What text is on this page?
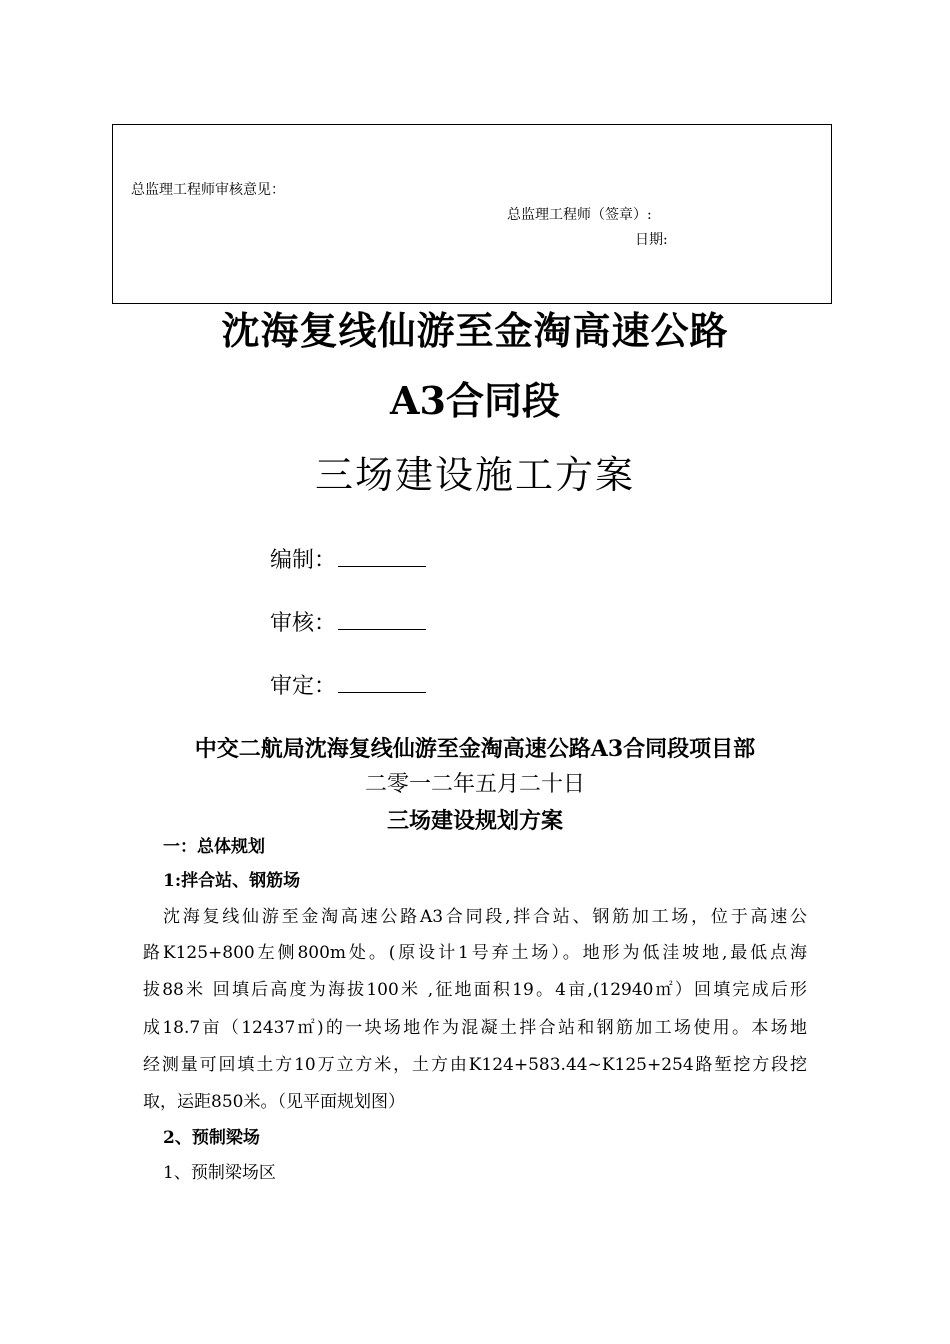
总监理工程师审核意见：
总监理工程师（签章）:
日期:
沈海复线仙游至金淘高速公路
A3合同段
三场建设施工方案
编制：
审核：
审定：
中交二航局沈海复线仙游至金淘高速公路A3合同段项目部
二零一二年五月二十日
三场建设规划方案
一：总体规划
1:拌合站、钢筋场
沈海复线仙游至金淘高速公路A3合同段,拌合站、钢筋加工场，位于高速公
路K125+800左侧800m处。(原设计1号弃土场）。地形为低洼坡地,最低点海
拔88米 回填后高度为海拔100米 ,征地面积19。4亩,(12940㎡）回填完成后形
成18.7亩（12437㎡)的一块场地作为混凝土拌合站和钢筋加工场使用。本场地
经测量可回填土方10万立方米，土方由K124+583.44~K125+254路堑挖方段挖
取，运距850米。（见平面规划图）
2、预制梁场
1、预制梁场区
